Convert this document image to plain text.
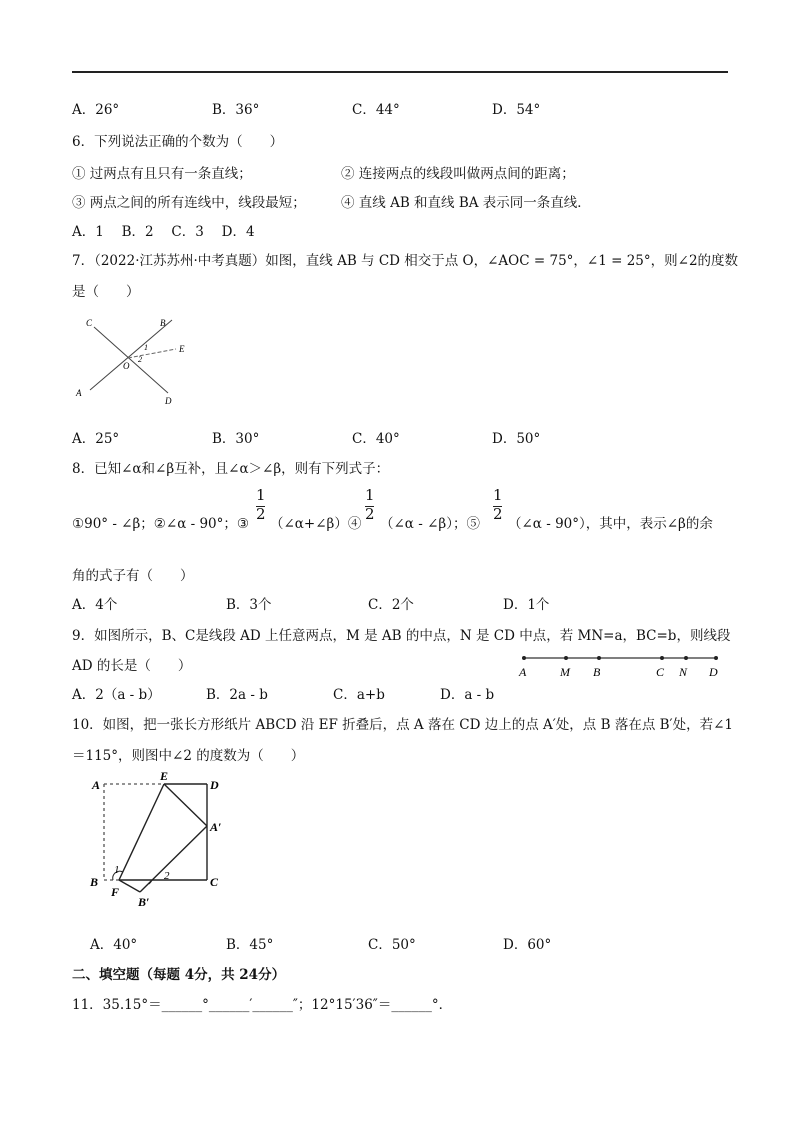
A．26°	B．36°	C．44°	D．54°
6．下列说法正确的个数为（　　）
① 过两点有且只有一条直线；	② 连接两点的线段叫做两点间的距离；
③ 两点之间的所有连线中，线段最短；	④ 直线 AB 和直线 BA 表示同一条直线．
A．1　 B．2　 C．3　 D．4
7．（2022·江苏苏州·中考真题）如图，直线 AB 与 CD 相交于点 O，∠AOC = 75°，∠1 = 25°，则∠2的度数
是（　　）
C	B
E
O
A
D
1
2
A．25°	B．30°	C．40°	D．50°
8．已知∠α和∠β互补，且∠α＞∠β，则有下列式子：
①90° - ∠β；②∠α - 90°；③
1
2
（∠α+∠β）④
1
2
（∠α - ∠β）；⑤
1
2
（∠α - 90°），其中，表示∠β的余
角的式子有（　　）
A．4个	B．3个	C．2个	D．1个
9．如图所示，B、C是线段 AD 上任意两点，M 是 AB 的中点，N 是 CD 中点，若 MN=a，BC=b，则线段
AD 的长是（　　）	A	M B	C N D
A．2（a - b）	B．2a - b	C．a+b	D．a - b
10．如图，把一张长方形纸片 ABCD 沿 EF 折叠后，点 A 落在 CD 边上的点 A′处，点 B 落在点 B′处，若∠1
＝115°，则图中∠2 的度数为（　　）
A
E
D
A′
B
F
B′
C
1	2
A．40°	B．45°	C．50°	D．60°
二、填空题（每题 4分，共 24分）
11．35.15°＝______°______′______″；12°15′36″＝______°．
